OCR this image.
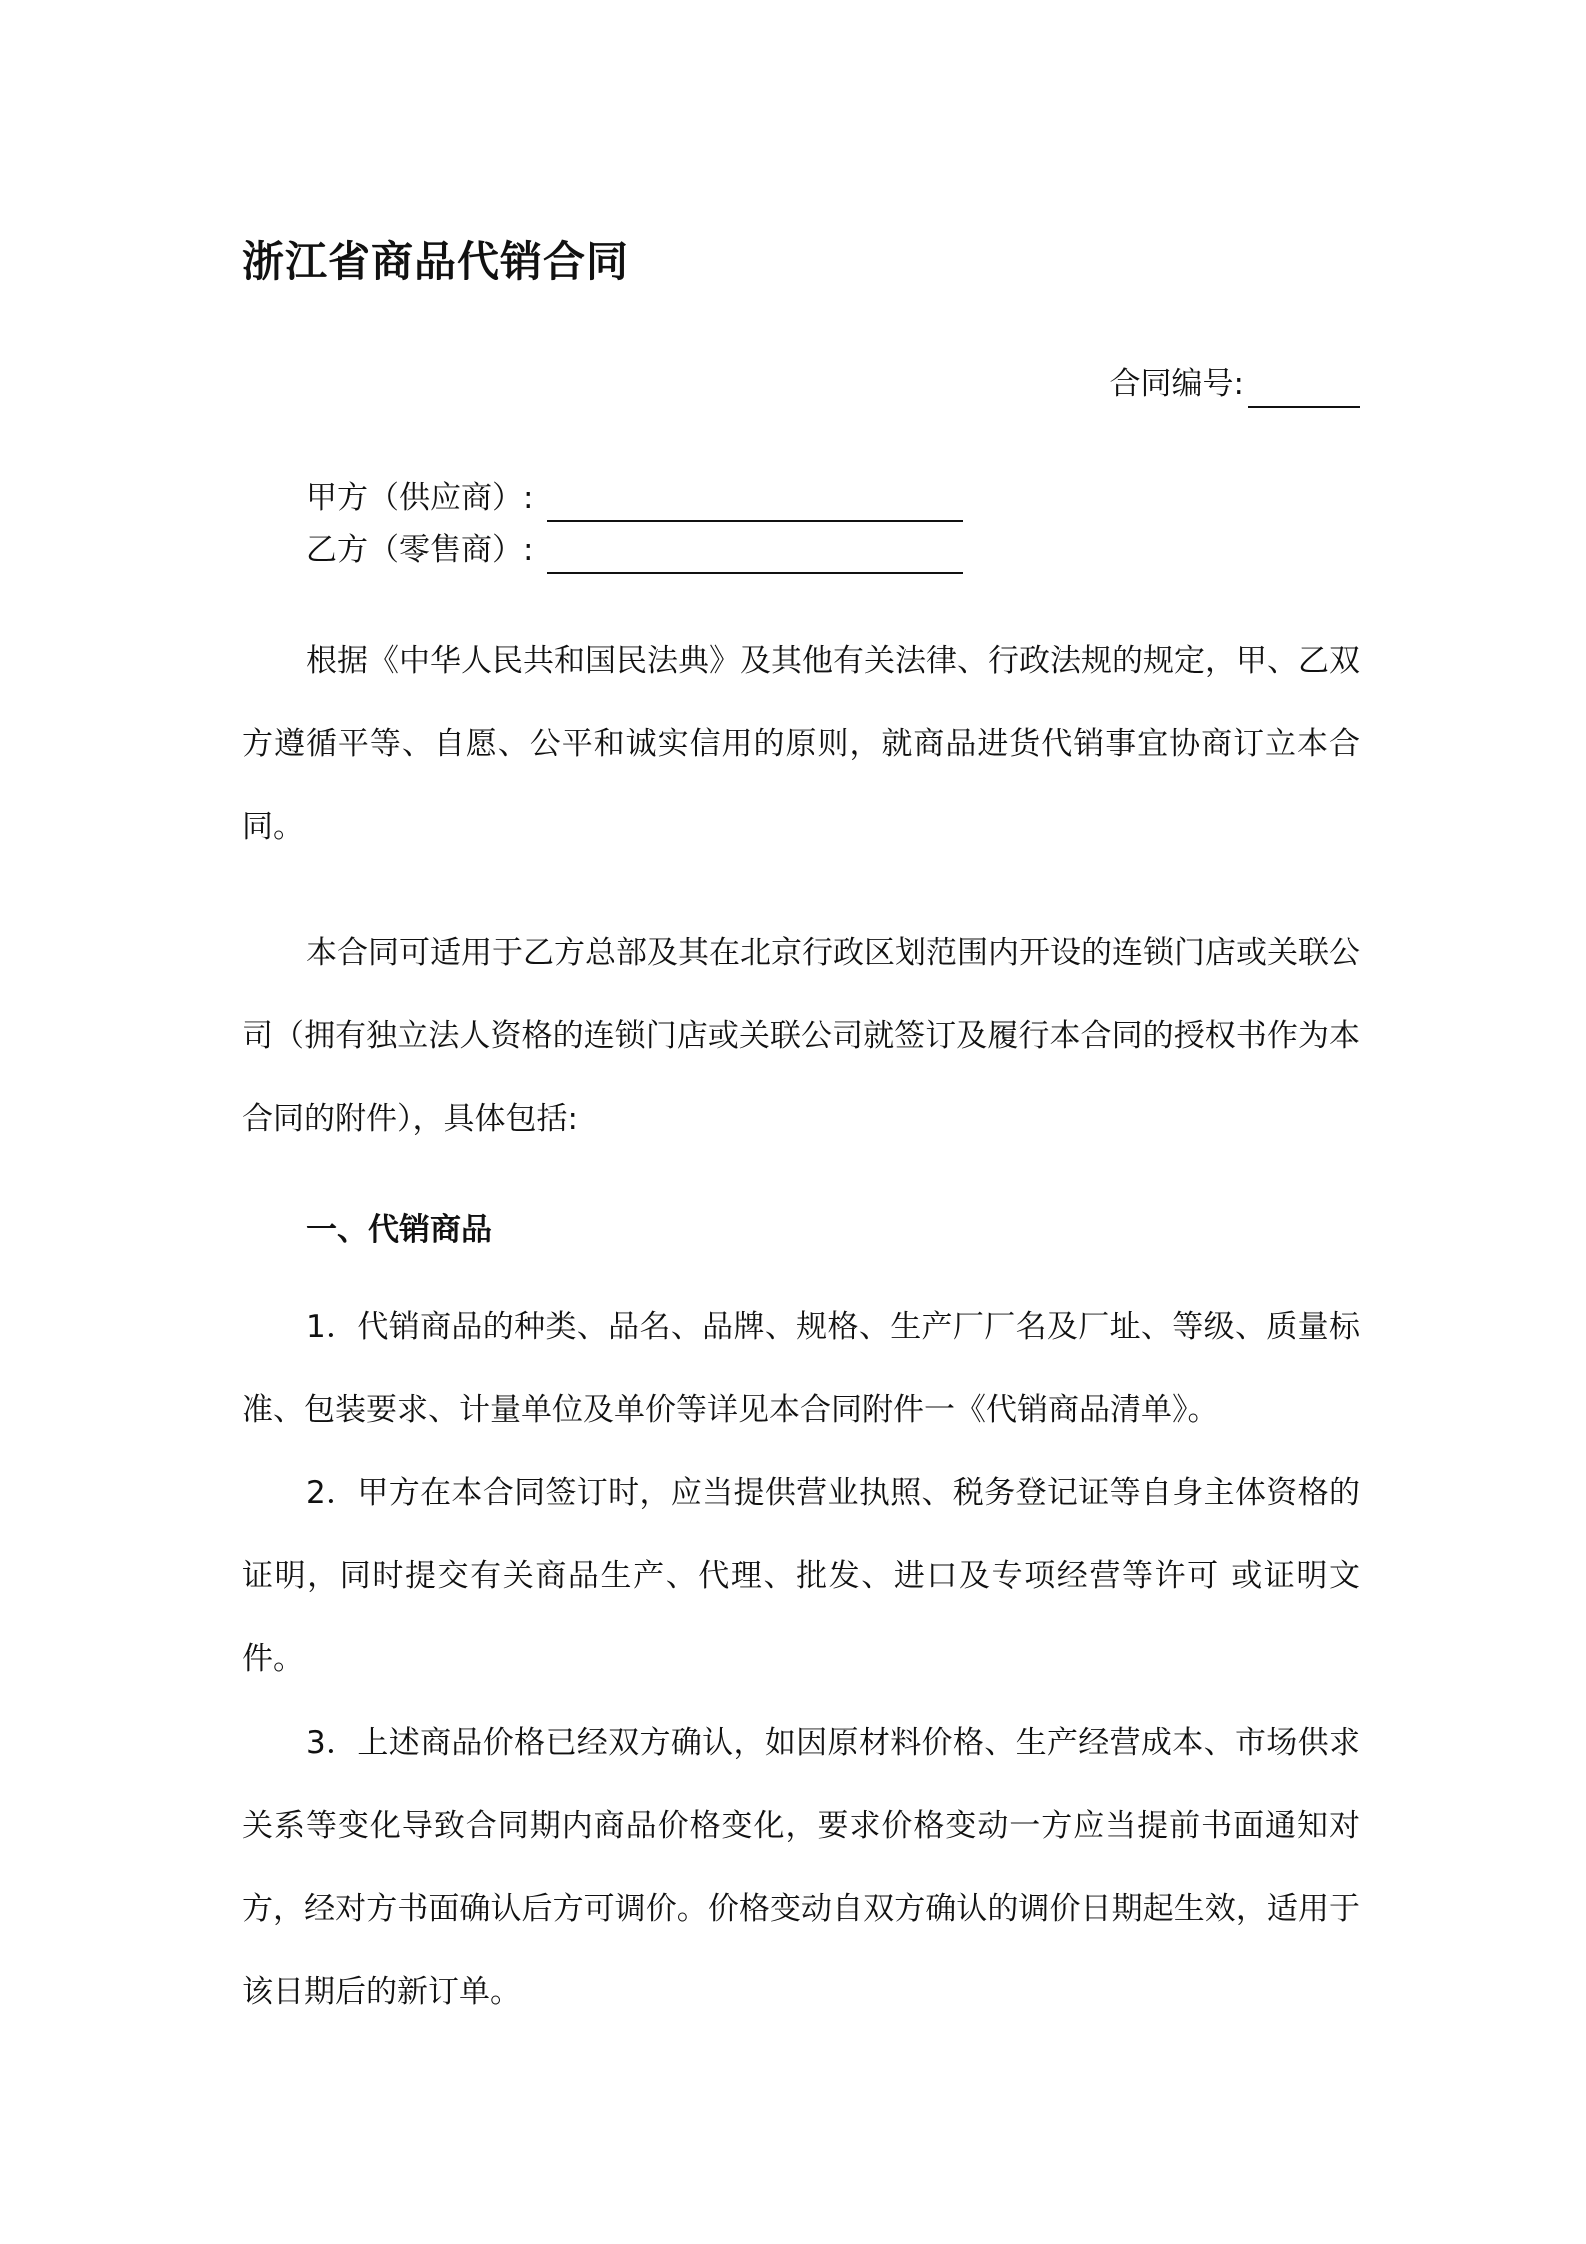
浙江省商品代销合同
合同编号:
甲方（供应商）:
乙方（零售商）:

根据《中华人民共和国民法典》及其他有关法律、行政法规的规定，甲、乙双方遵循平等、自愿、公平和诚实信用的原则，就商品进货代销事宜协商订立本合同。

本合同可适用于乙方总部及其在北京行政区划范围内开设的连锁门店或关联公司（拥有独立法人资格的连锁门店或关联公司就签订及履行本合同的授权书作为本合同的附件），具体包括:

一、代销商品

1．代销商品的种类、品名、品牌、规格、生产厂厂名及厂址、等级、质量标准、包装要求、计量单位及单价等详见本合同附件一《代销商品清单》。

2．甲方在本合同签订时，应当提供营业执照、税务登记证等自身主体资格的证明，同时提交有关商品生产、代理、批发、进口及专项经营等许可 或证明文件。

3．上述商品价格已经双方确认，如因原材料价格、生产经营成本、市场供求关系等变化导致合同期内商品价格变化，要求价格变动一方应当提前书面通知对方，经对方书面确认后方可调价。价格变动自双方确认的调价日期起生效，适用于该日期后的新订单。
